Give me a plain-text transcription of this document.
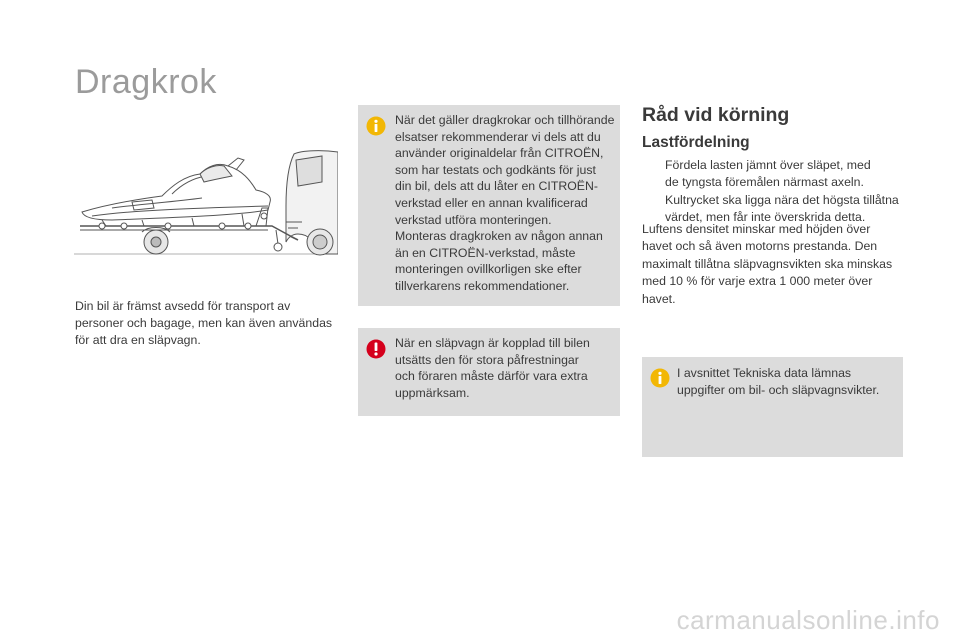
Dragkrok
Din bil är främst avsedd för transport av
personer och bagage, men kan även användas
för att dra en släpvagn.
När det gäller dragkrokar och tillhörande
elsatser rekommenderar vi dels att du
använder originaldelar från CITROËN,
som har testats och godkänts för just
din bil, dels att du låter en CITROËN-
verkstad eller en annan kvalificerad
verkstad utföra monteringen.
Monteras dragkroken av någon annan
än en CITROËN-verkstad, måste
monteringen ovillkorligen ske efter
tillverkarens rekommendationer.
När en släpvagn är kopplad till bilen
utsätts den för stora påfrestningar
och föraren måste därför vara extra
uppmärksam.
Råd vid körning
Lastfördelning
Fördela lasten jämnt över släpet, med
de tyngsta föremålen närmast axeln.
Kultrycket ska ligga nära det högsta tillåtna
värdet, men får inte överskrida detta.
Luftens densitet minskar med höjden över
havet och så även motorns prestanda. Den
maximalt tillåtna släpvagnsvikten ska minskas
med 10 % för varje extra 1 000 meter över
havet.
I avsnittet Tekniska data lämnas
uppgifter om bil- och släpvagnsvikter.
carmanualsonline.info
